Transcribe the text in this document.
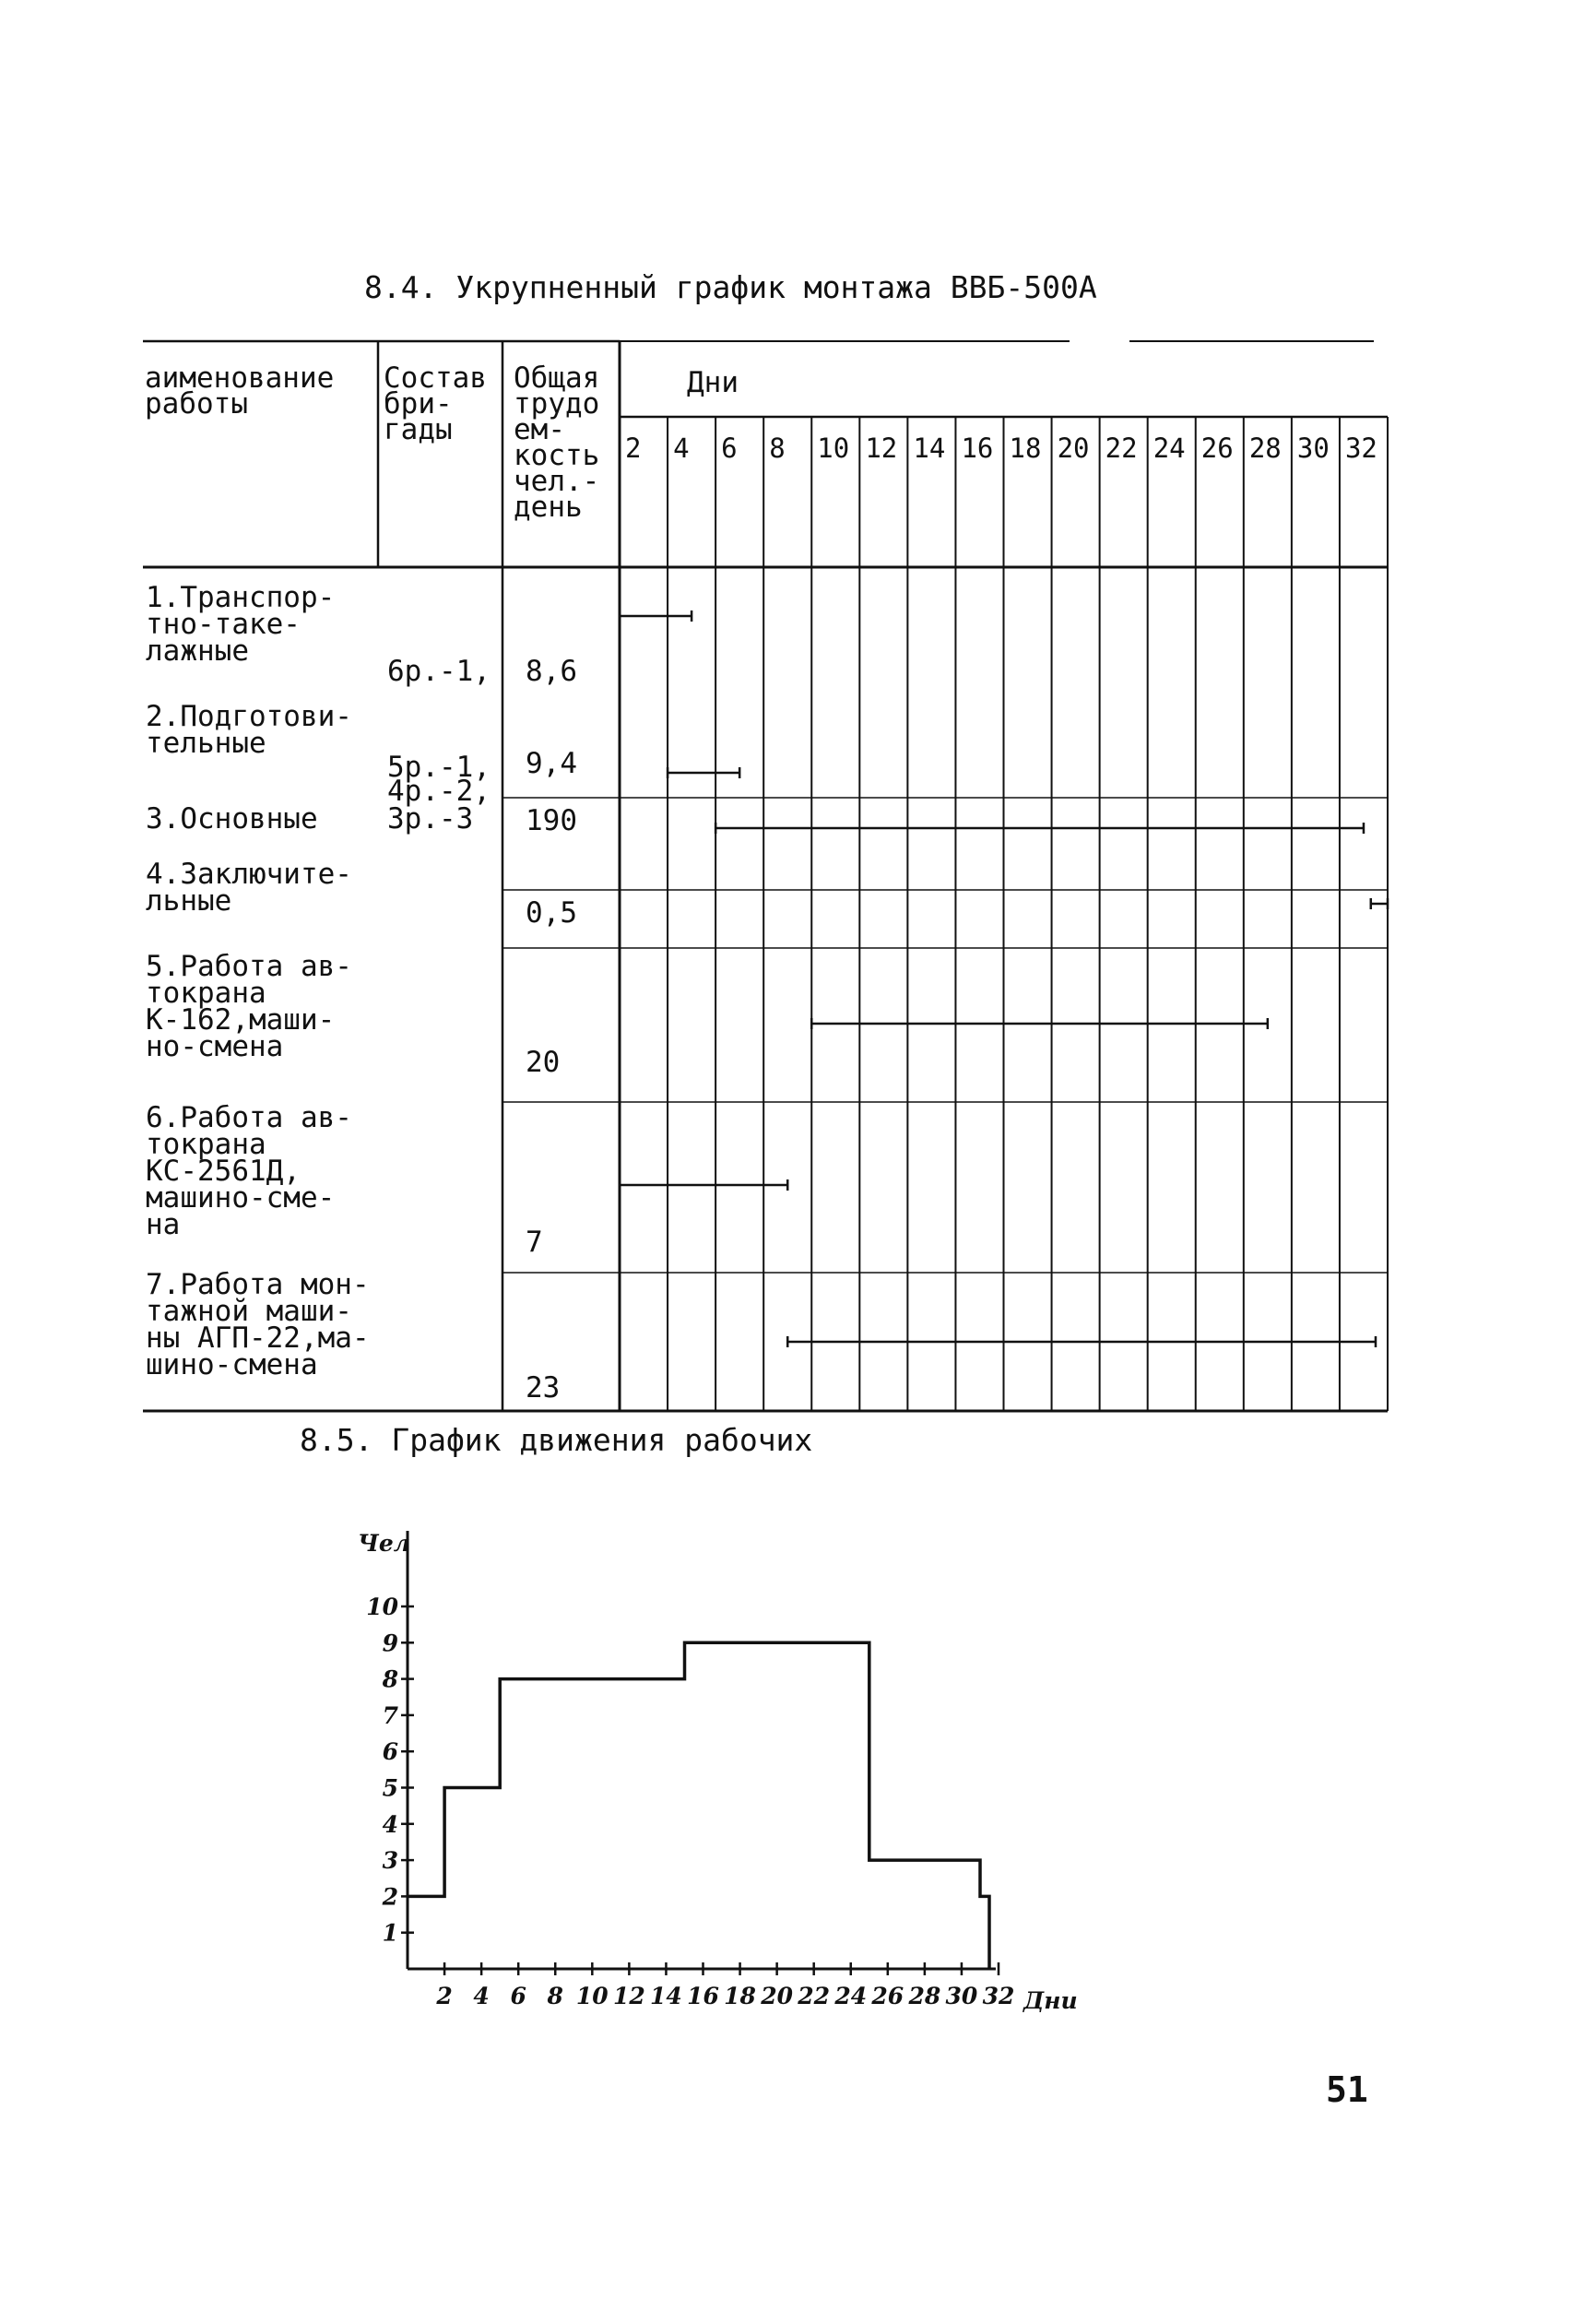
8.4. Укрупненный график монтажа ВВБ-500А
8.5. График движения рабочих
51
аименование
работы
Состав
бри-
гады
Общая
трудо
ем-
кость
чел.-
день
Дни
2 4 6 8 10 12 14 16 18 20 22 24 26 28 30 32
1.Транспор-
тно-таке-
лажные
6р.-1, 8,6
2.Подготови-
тельные
5р.-1,
4р.-2,
9,4
3.Основные 3р.-3 190
4.Заключите-
льные	0,5
5.Работа ав-
токрана
К-162,маши-
но-смена	20
6.Работа ав-
токрана
КС-2561Д,
машино-сме-
на
7
7.Работа мон-
тажной маши-
ны АГП-22,ма-
шино-смена
23
Чел
Дни
1
2
3
4
5
6
7
8
9
10
2 4 6 8 10 12 14 16 18 20 22 24 26 28 30 32
